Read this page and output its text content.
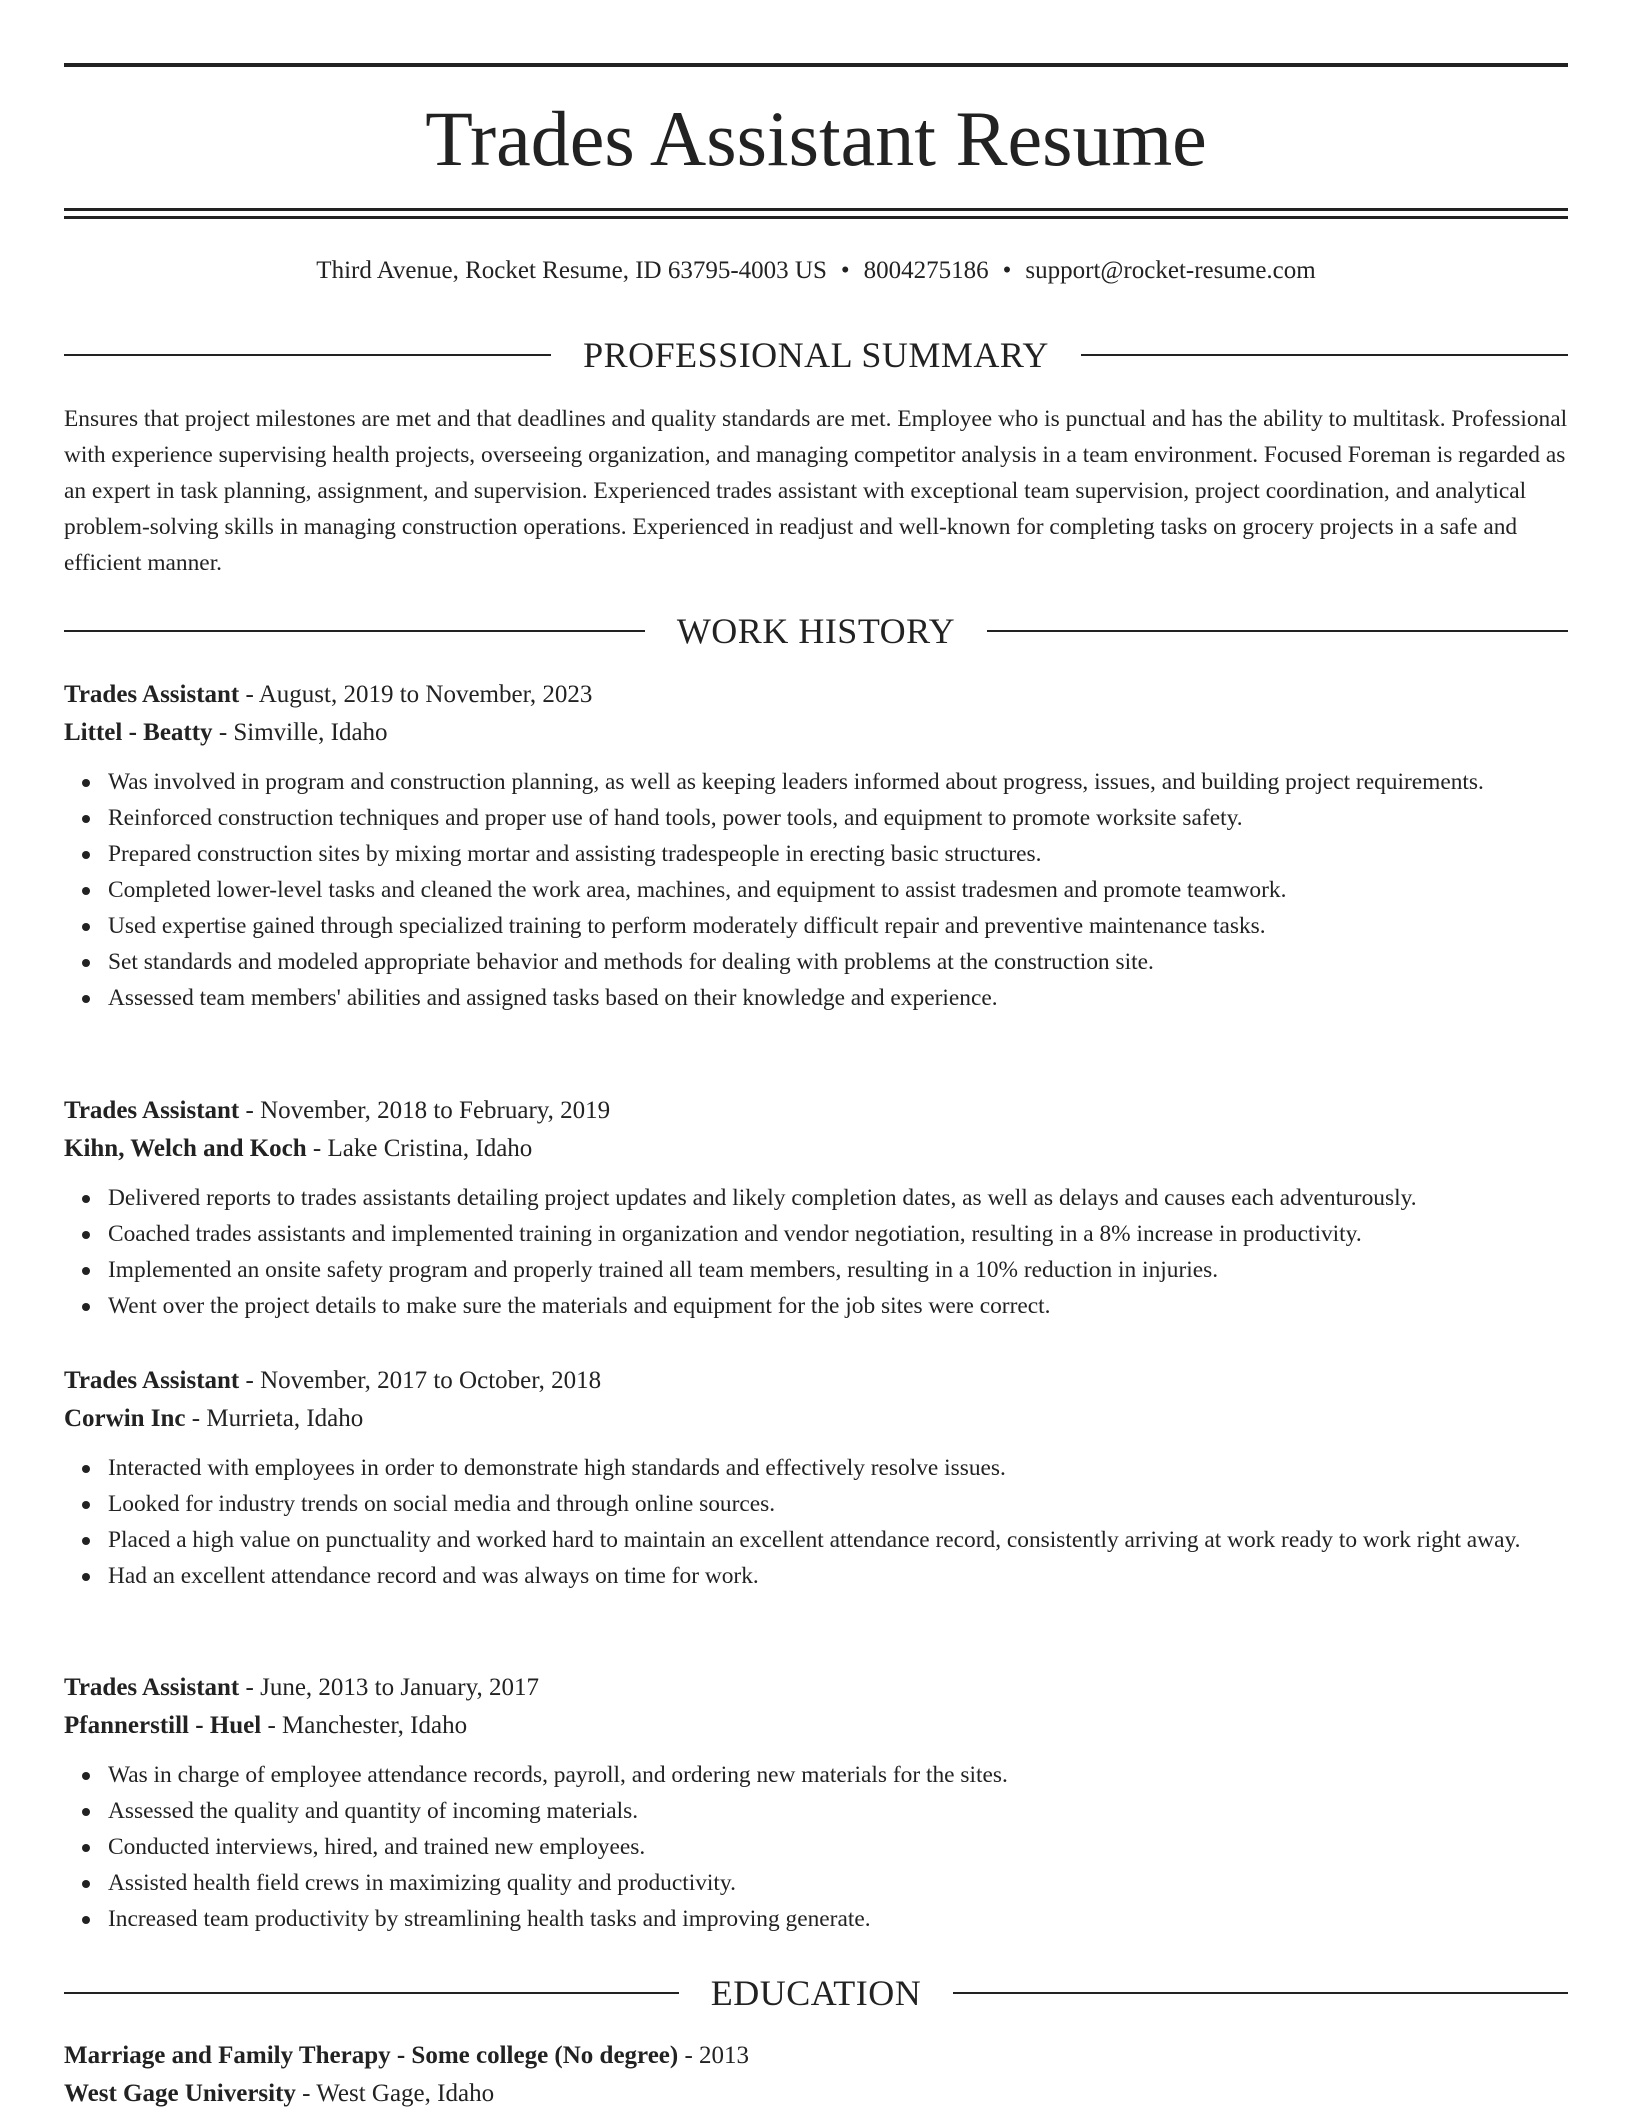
Trades Assistant Resume
Third Avenue, Rocket Resume, ID 63795-4003 US • 8004275186 • support@rocket-resume.com
PROFESSIONAL SUMMARY

Ensures that project milestones are met and that deadlines and quality standards are met. Employee who is punctual and has the ability to multitask. Professional with experience supervising health projects, overseeing organization, and managing competitor analysis in a team environment. Focused Foreman is regarded as an expert in task planning, assignment, and supervision. Experienced trades assistant with exceptional team supervision, project coordination, and analytical problem-solving skills in managing construction operations. Experienced in readjust and well-known for completing tasks on grocery projects in a safe and efficient manner.

WORK HISTORY
Trades Assistant - August, 2019 to November, 2023
Littel - Beatty - Simville, Idaho
Was involved in program and construction planning, as well as keeping leaders informed about progress, issues, and building project requirements.
Reinforced construction techniques and proper use of hand tools, power tools, and equipment to promote worksite safety.
Prepared construction sites by mixing mortar and assisting tradespeople in erecting basic structures.
Completed lower-level tasks and cleaned the work area, machines, and equipment to assist tradesmen and promote teamwork.
Used expertise gained through specialized training to perform moderately difficult repair and preventive maintenance tasks.
Set standards and modeled appropriate behavior and methods for dealing with problems at the construction site.
Assessed team members' abilities and assigned tasks based on their knowledge and experience.
Trades Assistant - November, 2018 to February, 2019
Kihn, Welch and Koch - Lake Cristina, Idaho
Delivered reports to trades assistants detailing project updates and likely completion dates, as well as delays and causes each adventurously.
Coached trades assistants and implemented training in organization and vendor negotiation, resulting in a 8% increase in productivity.
Implemented an onsite safety program and properly trained all team members, resulting in a 10% reduction in injuries.
Went over the project details to make sure the materials and equipment for the job sites were correct.
Trades Assistant - November, 2017 to October, 2018
Corwin Inc - Murrieta, Idaho
Interacted with employees in order to demonstrate high standards and effectively resolve issues.
Looked for industry trends on social media and through online sources.
Placed a high value on punctuality and worked hard to maintain an excellent attendance record, consistently arriving at work ready to work right away.
Had an excellent attendance record and was always on time for work.
Trades Assistant - June, 2013 to January, 2017
Pfannerstill - Huel - Manchester, Idaho
Was in charge of employee attendance records, payroll, and ordering new materials for the sites.
Assessed the quality and quantity of incoming materials.
Conducted interviews, hired, and trained new employees.
Assisted health field crews in maximizing quality and productivity.
Increased team productivity by streamlining health tasks and improving generate.
EDUCATION
Marriage and Family Therapy - Some college (No degree) - 2013
West Gage University - West Gage, Idaho
